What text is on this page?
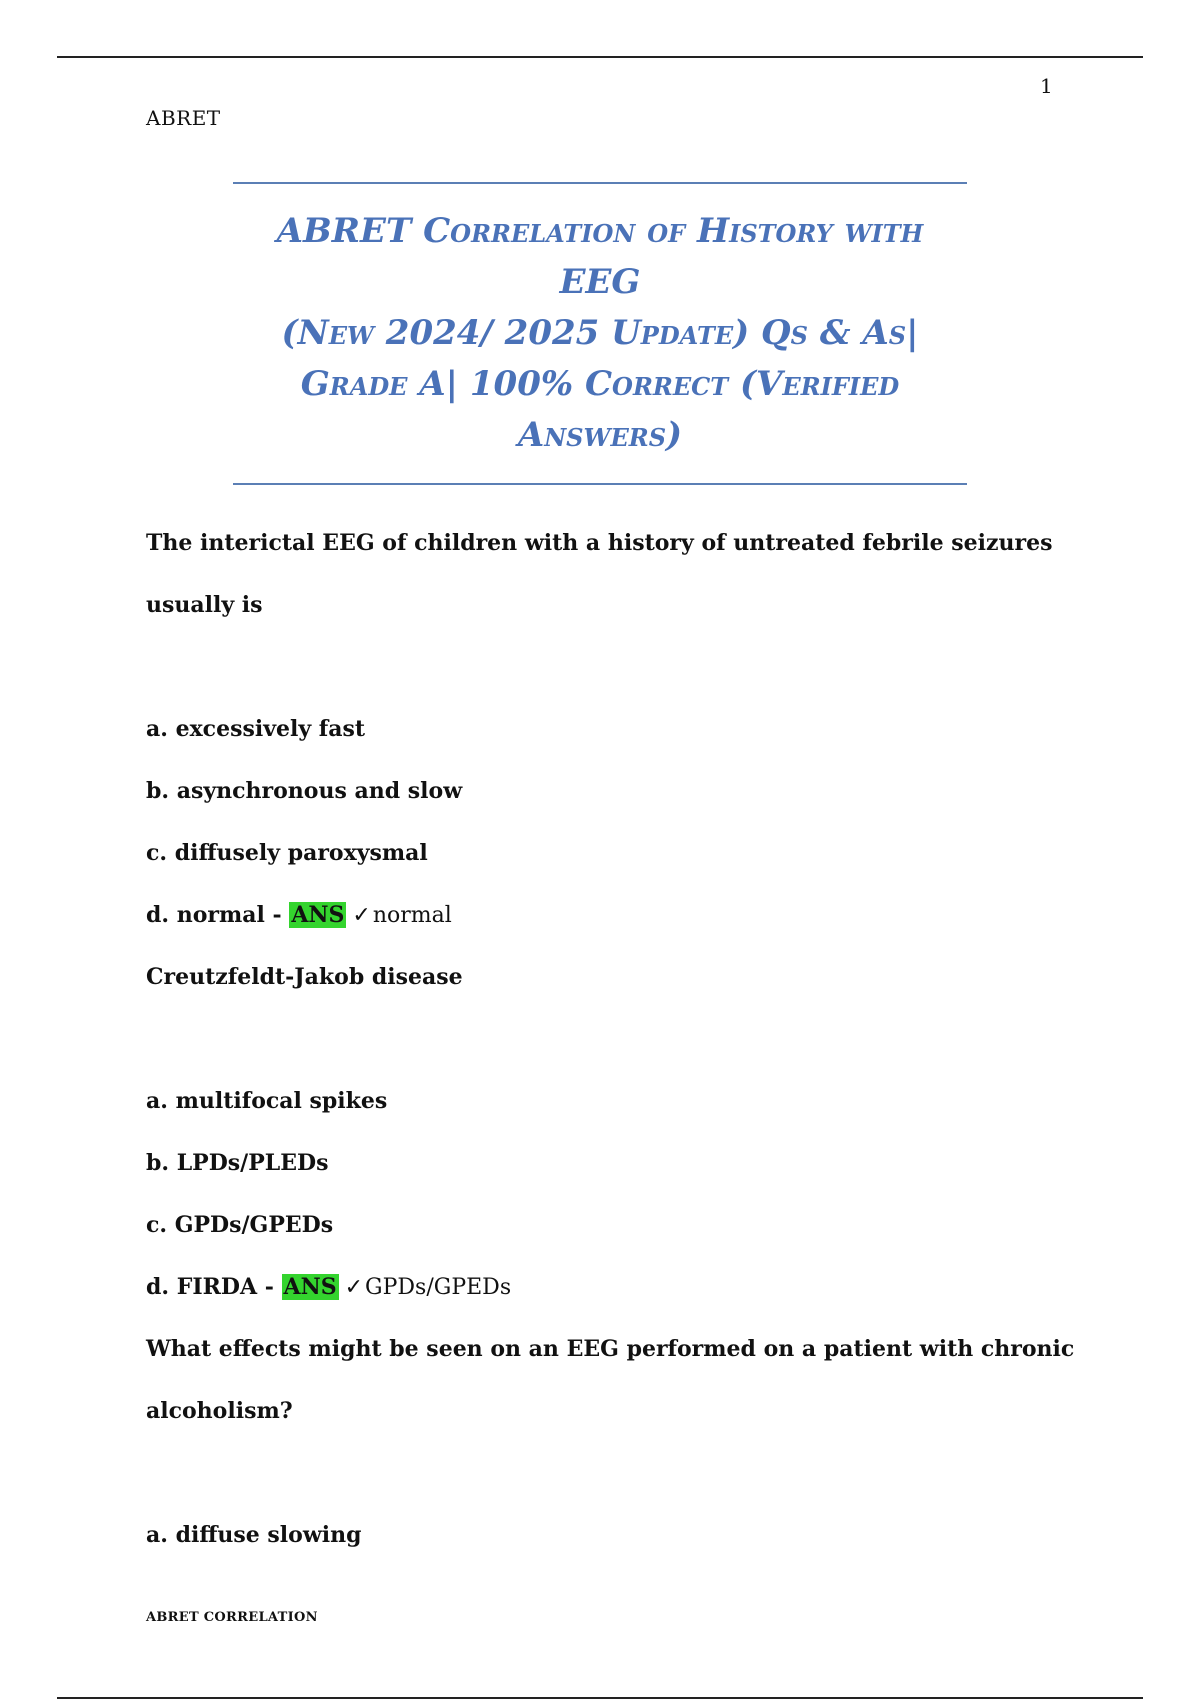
1
ABRET
ABRET Correlation of History with EEG
(New 2024/ 2025 Update) Qs & As|
Grade A| 100% Correct (Verified
Answers)
The interictal EEG of children with a history of untreated febrile seizures
usually is
a. excessively fast
b. asynchronous and slow
c. diffusely paroxysmal
d. normal - ANS ✓normal
Creutzfeldt-Jakob disease
a. multifocal spikes
b. LPDs/PLEDs
c. GPDs/GPEDs
d. FIRDA - ANS ✓GPDs/GPEDs
What effects might be seen on an EEG performed on a patient with chronic
alcoholism?
a. diffuse slowing
ABRET CORRELATION
